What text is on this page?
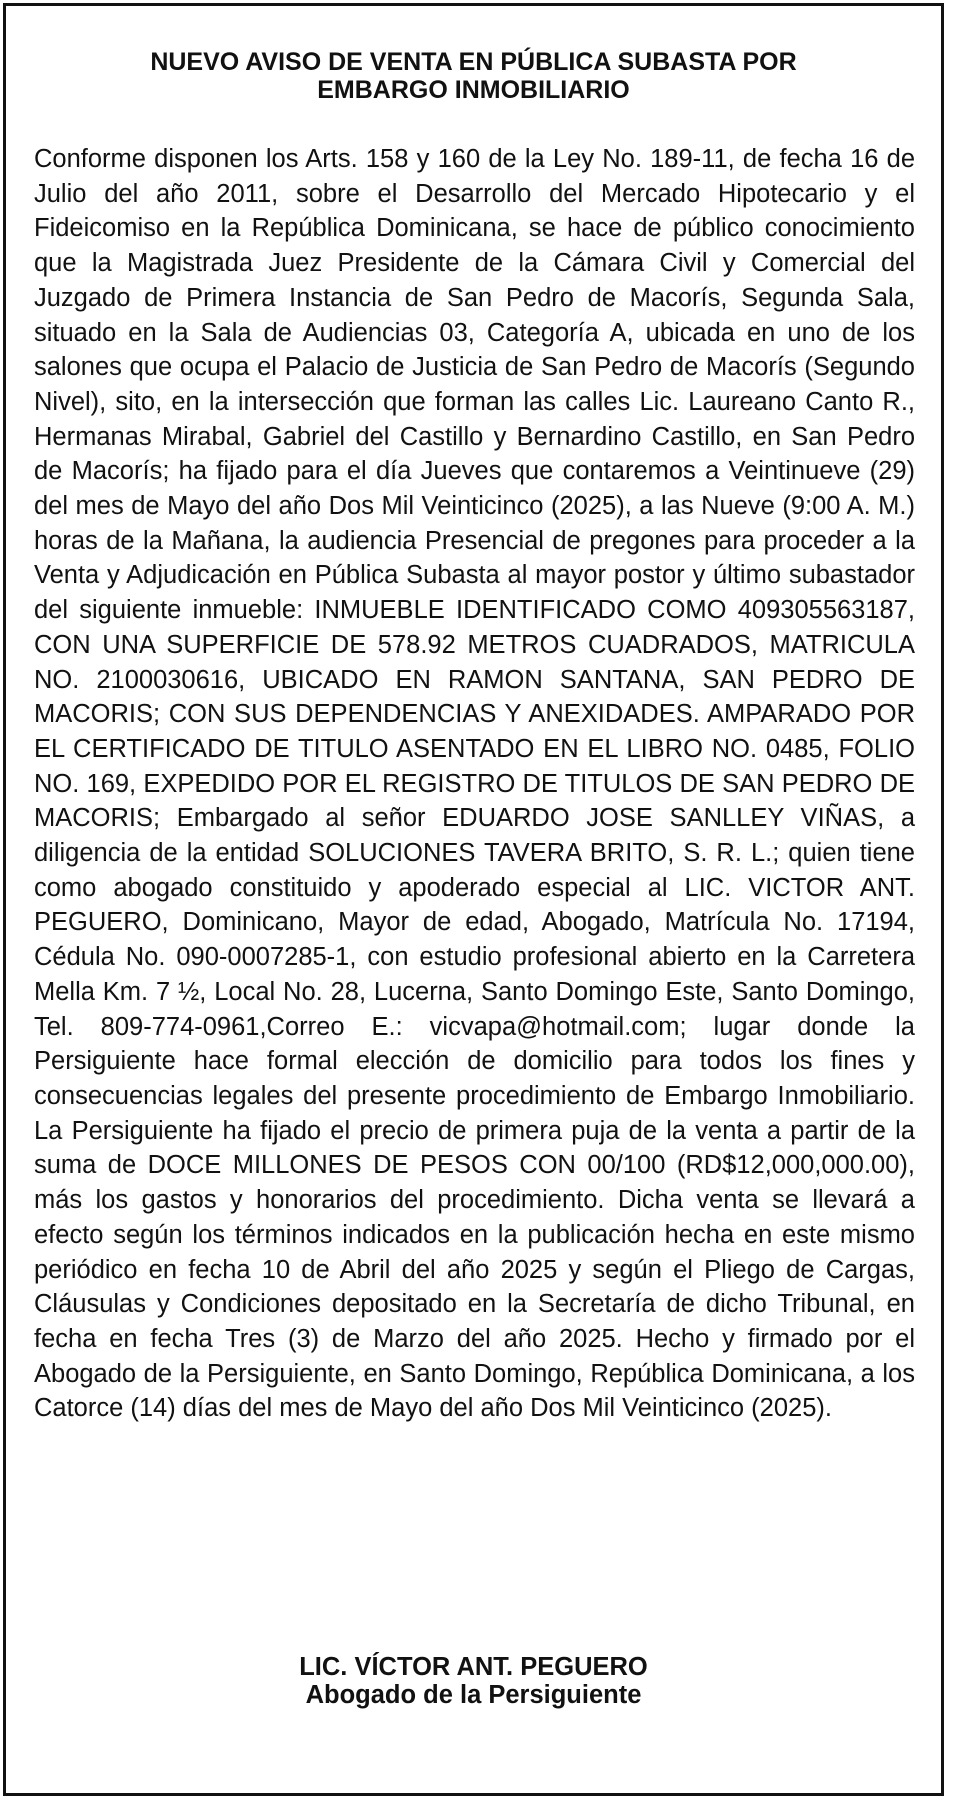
NUEVO AVISO DE VENTA EN PÚBLICA SUBASTA POR
EMBARGO INMOBILIARIO

Conforme disponen los Arts. 158 y 160 de la Ley No. 189-11, de fecha 16 de Julio del año 2011, sobre el Desarrollo del Mercado Hipotecario y el Fideicomiso en la República Dominicana, se hace de público conocimiento que la Magistrada Juez Presidente de la Cámara Civil y Comercial del Juzgado de Primera Instancia de San Pedro de Macorís, Segunda Sala, situado en la Sala de Audiencias 03, Categoría A, ubicada en uno de los salones que ocupa el Palacio de Justicia de San Pedro de Macorís (Segundo Nivel), sito, en la intersección que forman las calles Lic. Laureano Canto R., Hermanas Mirabal, Gabriel del Castillo y Bernardino Castillo, en San Pedro de Macorís; ha fijado para el día Jueves que contaremos a Veintinueve (29) del mes de Mayo del año Dos Mil Veinticinco (2025), a las Nueve (9:00 A. M.) horas de la Mañana, la audiencia Presencial de pregones para proceder a la Venta y Adjudicación en Pública Subasta al mayor postor y último subastador del siguiente inmueble: INMUEBLE IDENTIFICADO COMO 409305563187, CON UNA SUPERFICIE DE 578.92 METROS CUADRADOS, MATRICULA NO. 2100030616, UBICADO EN RAMON SANTANA, SAN PEDRO DE MACORIS; CON SUS DEPENDENCIAS Y ANEXIDADES. AMPARADO POR EL CERTIFICADO DE TITULO ASENTADO EN EL LIBRO NO. 0485, FOLIO NO. 169, EXPEDIDO POR EL REGISTRO DE TITULOS DE SAN PEDRO DE MACORIS; Embargado al señor EDUARDO JOSE SANLLEY VIÑAS, a diligencia de la entidad SOLUCIONES TAVERA BRITO, S. R. L.; quien tiene como abogado constituido y apoderado especial al LIC. VICTOR ANT. PEGUERO, Dominicano, Mayor de edad, Abogado, Matrícula No. 17194, Cédula No. 090-0007285-1, con estudio profesional abierto en la Carretera Mella Km. 7 ½, Local No. 28, Lucerna, Santo Domingo Este, Santo Domingo, Tel. 809-774-0961,Correo E.: vicvapa@hotmail.com; lugar donde la Persiguiente hace formal elección de domicilio para todos los fines y consecuencias legales del presente procedimiento de Embargo Inmobiliario. La Persiguiente ha fijado el precio de primera puja de la venta a partir de la suma de DOCE MILLONES DE PESOS CON 00/100 (RD$12,000,000.00), más los gastos y honorarios del procedimiento. Dicha venta se llevará a efecto según los términos indicados en la publicación hecha en este mismo periódico en fecha 10 de Abril del año 2025 y según el Pliego de Cargas, Cláusulas y Condiciones depositado en la Secretaría de dicho Tribunal, en fecha en fecha Tres (3) de Marzo del año 2025. Hecho y firmado por el Abogado de la Persiguiente, en Santo Domingo, República Dominicana, a los Catorce (14) días del mes de Mayo del año Dos Mil Veinticinco (2025).

LIC. VÍCTOR ANT. PEGUERO
Abogado de la Persiguiente
